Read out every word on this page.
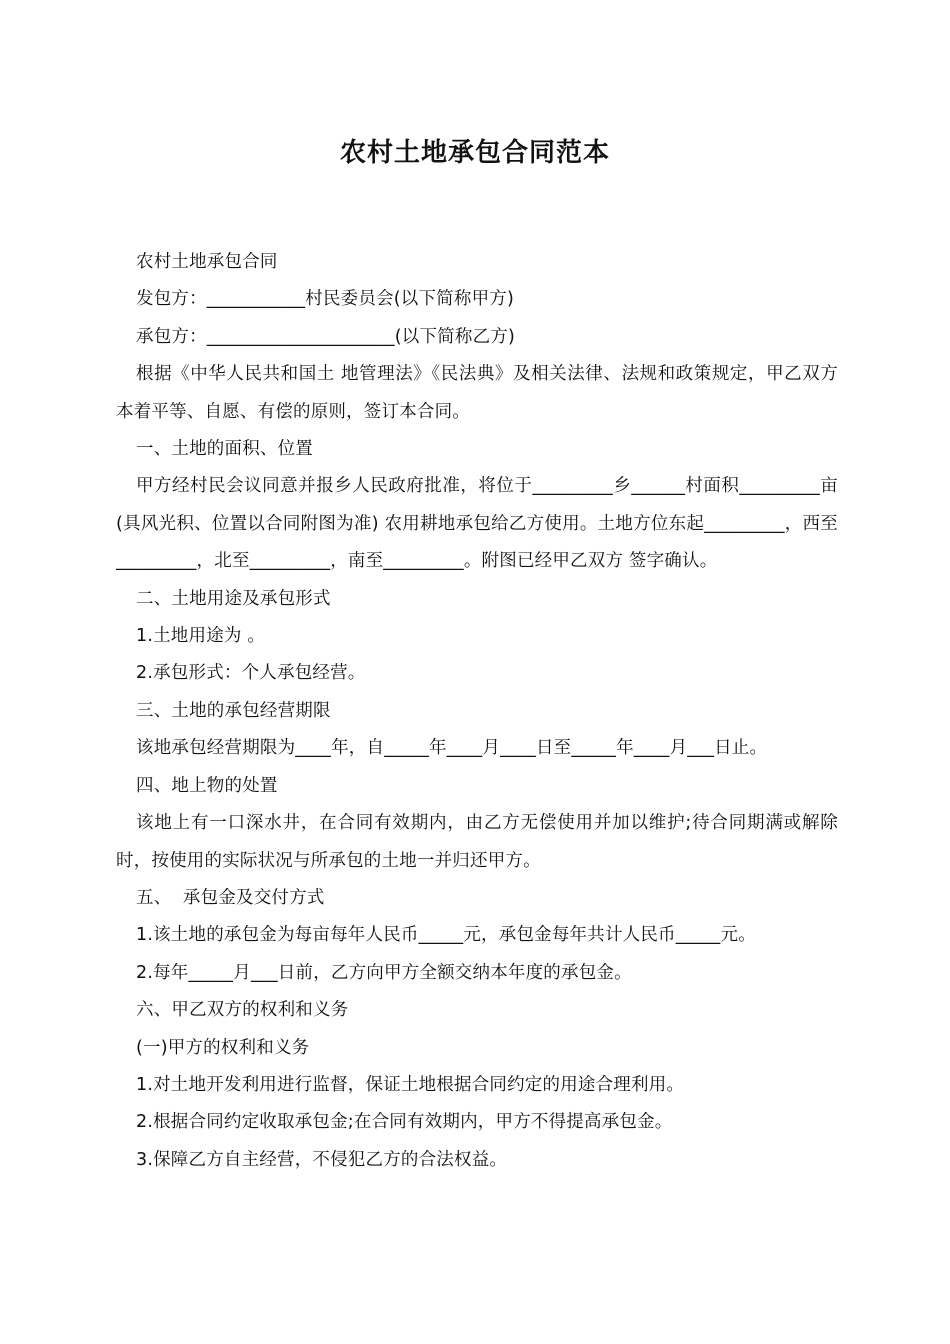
农村土地承包合同范本

农村土地承包合同

发包方：___________村民委员会(以下简称甲方)

承包方：_____________________(以下简称乙方)

根据《中华人民共和国土 地管理法》《民法典》及相关法律、法规和政策规定，甲乙双方本着平等、自愿、有偿的原则，签订本合同。

一、土地的面积、位置

甲方经村民会议同意并报乡人民政府批准，将位于_________乡______村面积_________亩(具风光积、位置以合同附图为准) 农用耕地承包给乙方使用。土地方位东起_________，西至_________，北至_________，南至_________。附图已经甲乙双方 签字确认。

二、土地用途及承包形式

1.土地用途为 。

2.承包形式：个人承包经营。

三、土地的承包经营期限

该地承包经营期限为____年，自_____年____月____日至_____年____月___日止。

四、地上物的处置

该地上有一口深水井，在合同有效期内，由乙方无偿使用并加以维护;待合同期满或解除时，按使用的实际状况与所承包的土地一并归还甲方。

五、  承包金及交付方式

1.该土地的承包金为每亩每年人民币_____元，承包金每年共计人民币_____元。

2.每年_____月___日前，乙方向甲方全额交纳本年度的承包金。

六、甲乙双方的权利和义务

(一)甲方的权利和义务

1.对土地开发利用进行监督，保证土地根据合同约定的用途合理利用。

2.根据合同约定收取承包金;在合同有效期内，甲方不得提高承包金。

3.保障乙方自主经营，不侵犯乙方的合法权益。
